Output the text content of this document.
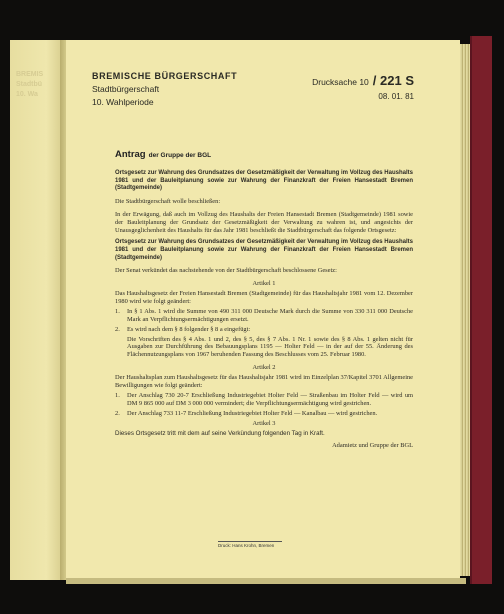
BREMIS
Stadtbü
10. Wa
BREMISCHE BÜRGERSCHAFT
Stadtbürgerschaft
10. Wahlperiode
Drucksache 10 / 221 S
08. 01. 81
Antrag der Gruppe der BGL
Ortsgesetz zur Wahrung des Grundsatzes der Gesetzmäßigkeit der Verwaltung im Vollzug des Haushalts 1981 und der Bauleitplanung sowie zur Wahrung der Finanzkraft der Freien Hansestadt Bremen (Stadtgemeinde)
Die Stadtbürgerschaft wolle beschließen:
In der Erwägung, daß auch im Vollzug des Haushalts der Freien Hansestadt Bremen (Stadtgemeinde) 1981 sowie der Bauleitplanung der Grundsatz der Gesetzmäßigkeit der Verwaltung zu wahren ist, und angesichts der Unausgeglichenheit des Haushalts für das Jahr 1981 beschließt die Stadtbürgerschaft das folgende Ortsgesetz:
Ortsgesetz zur Wahrung des Grundsatzes der Gesetzmäßigkeit der Verwaltung im Vollzug des Haushalts 1981 und der Bauleitplanung sowie zur Wahrung der Finanzkraft der Freien Hansestadt Bremen (Stadtgemeinde)
Der Senat verkündet das nachstehende von der Stadtbürgerschaft beschlossene Gesetz:
Artikel 1
Das Haushaltsgesetz der Freien Hansestadt Bremen (Stadtgemeinde) für das Haushaltsjahr 1981 vom 12. Dezember 1980 wird wie folgt geändert:
1.	In § 1 Abs. 1 wird die Summe von 490 311 000 Deutsche Mark durch die Summe von 330 311 000 Deutsche Mark an Verpflichtungsermächtigungen ersetzt.
2.	Es wird nach dem § 8 folgender § 8 a eingefügt:
Die Vorschriften des § 4 Abs. 1 und 2, des § 5, des § 7 Abs. 1 Nr. 1 sowie des § 8 Abs. 1 gelten nicht für Ausgaben zur Durchführung des Bebauungsplans 1195 — Holter Feld — in der auf der 55. Änderung des Flächennutzungsplans von 1967 beruhenden Fassung des Beschlusses vom 25. Februar 1980.
Artikel 2
Der Haushaltsplan zum Haushaltsgesetz für das Haushaltsjahr 1981 wird im Einzelplan 37/Kapitel 3701 Allgemeine Bewilligungen wie folgt geändert:
1.	Der Anschlag 730 20-7 Erschließung Industriegebiet Holter Feld — Straßenbau im Holter Feld — wird um DM 9 865 000 auf DM 3 000 000 vermindert; die Verpflichtungsermächtigung wird gestrichen.
2.	Der Anschlag 733 11-7 Erschließung Industriegebiet Holter Feld — Kanalbau — wird gestrichen.
Artikel 3
Dieses Ortsgesetz tritt mit dem auf seine Verkündung folgenden Tag in Kraft.
Adamietz und Gruppe der BGL
Druck: Hans Krohn, Bremen
